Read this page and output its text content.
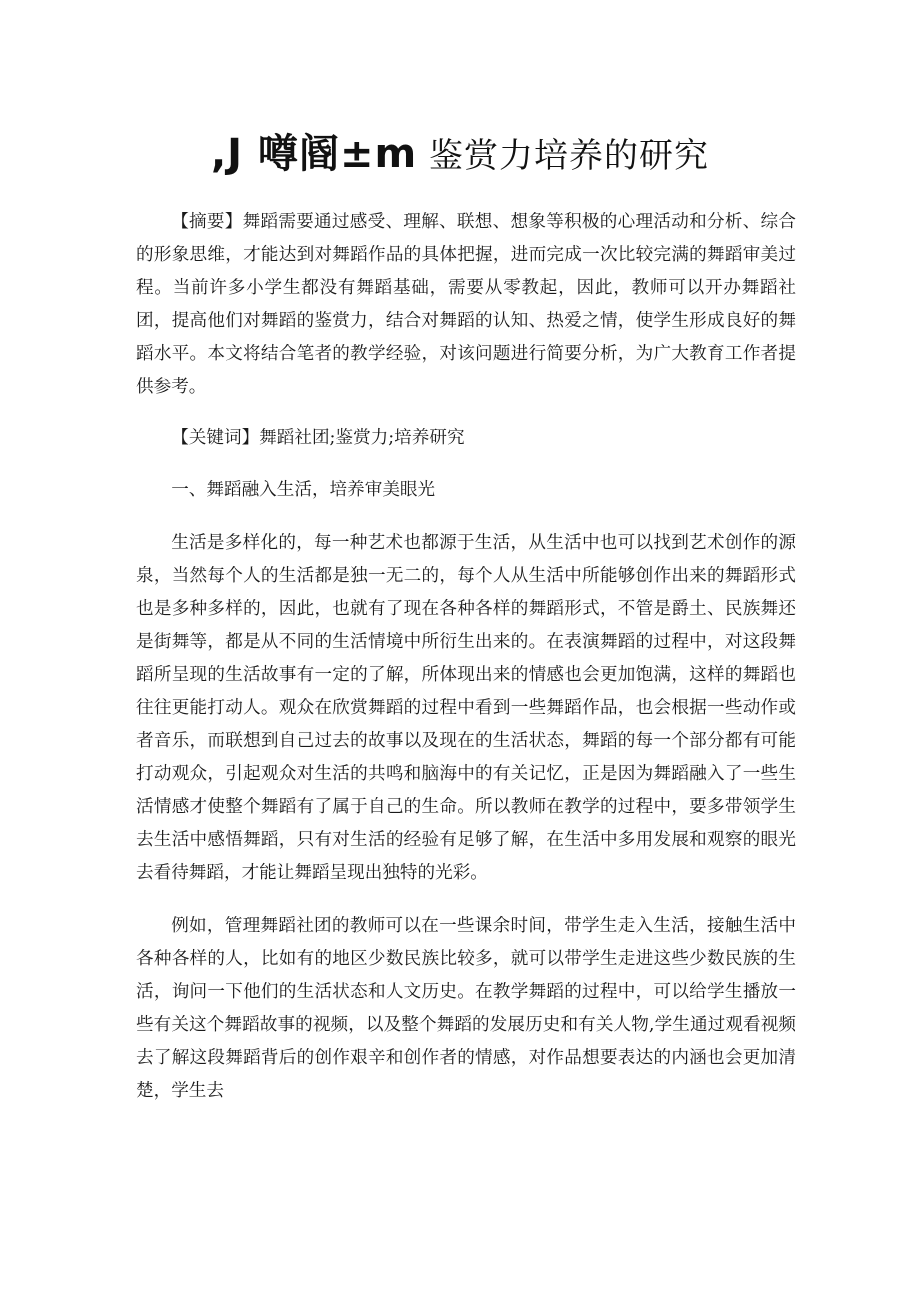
,J 噂阍±m 鉴赏力培养的研究

【摘要】舞蹈需要通过感受、理解、联想、想象等积极的心理活动和分析、综合的形象思维，才能达到对舞蹈作品的具体把握，进而完成一次比较完满的舞蹈审美过程。当前许多小学生都没有舞蹈基础，需要从零教起，因此，教师可以开办舞蹈社团，提高他们对舞蹈的鉴赏力，结合对舞蹈的认知、热爱之情，使学生形成良好的舞蹈水平。本文将结合笔者的教学经验，对该问题进行简要分析，为广大教育工作者提供参考。

【关键词】舞蹈社团;鉴赏力;培养研究

一、舞蹈融入生活，培养审美眼光

生活是多样化的，每一种艺术也都源于生活，从生活中也可以找到艺术创作的源泉，当然每个人的生活都是独一无二的，每个人从生活中所能够创作出来的舞蹈形式也是多种多样的，因此，也就有了现在各种各样的舞蹈形式，不管是爵土、民族舞还是街舞等，都是从不同的生活情境中所衍生出来的。在表演舞蹈的过程中，对这段舞蹈所呈现的生活故事有一定的了解，所体现出来的情感也会更加饱满，这样的舞蹈也往往更能打动人。观众在欣赏舞蹈的过程中看到一些舞蹈作品，也会根据一些动作或者音乐，而联想到自己过去的故事以及现在的生活状态，舞蹈的每一个部分都有可能打动观众，引起观众对生活的共鸣和脑海中的有关记忆，正是因为舞蹈融入了一些生活情感才使整个舞蹈有了属于自己的生命。所以教师在教学的过程中，要多带领学生去生活中感悟舞蹈，只有对生活的经验有足够了解，在生活中多用发展和观察的眼光去看待舞蹈，才能让舞蹈呈现出独特的光彩。

例如，管理舞蹈社团的教师可以在一些课余时间，带学生走入生活，接触生活中各种各样的人，比如有的地区少数民族比较多，就可以带学生走进这些少数民族的生活，询问一下他们的生活状态和人文历史。在教学舞蹈的过程中，可以给学生播放一些有关这个舞蹈故事的视频，以及整个舞蹈的发展历史和有关人物,学生通过观看视频去了解这段舞蹈背后的创作艰辛和创作者的情感，对作品想要表达的内涵也会更加清楚，学生去
